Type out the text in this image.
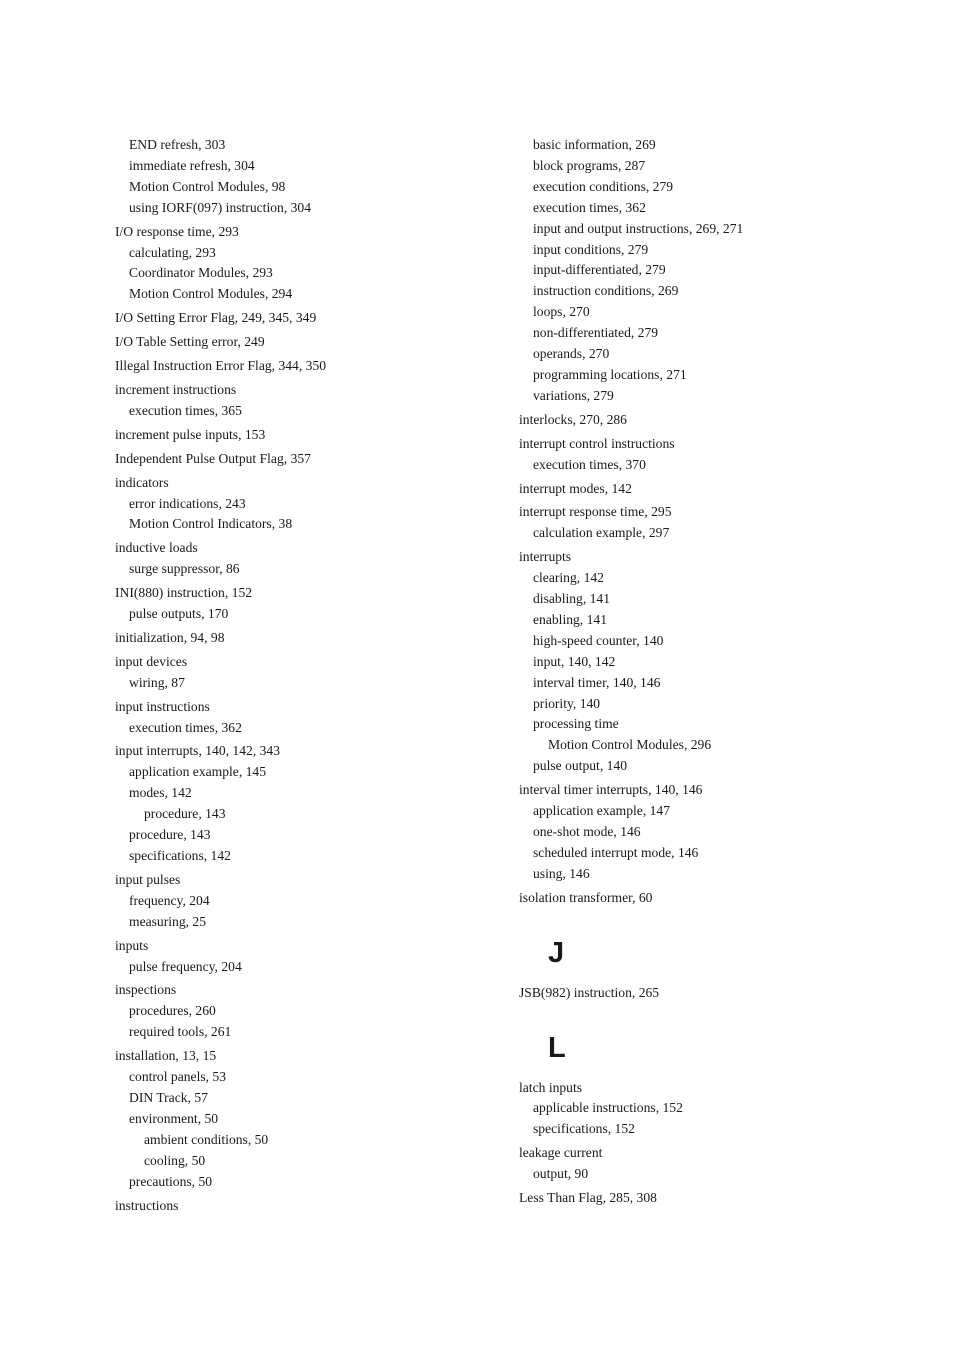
END refresh, 303
immediate refresh, 304
Motion Control Modules, 98
using IORF(097) instruction, 304
I/O response time, 293
calculating, 293
Coordinator Modules, 293
Motion Control Modules, 294
I/O Setting Error Flag, 249, 345, 349
I/O Table Setting error, 249
Illegal Instruction Error Flag, 344, 350
increment instructions
execution times, 365
increment pulse inputs, 153
Independent Pulse Output Flag, 357
indicators
error indications, 243
Motion Control Indicators, 38
inductive loads
surge suppressor, 86
INI(880) instruction, 152
pulse outputs, 170
initialization, 94, 98
input devices
wiring, 87
input instructions
execution times, 362
input interrupts, 140, 142, 343
application example, 145
modes, 142
procedure, 143
procedure, 143
specifications, 142
input pulses
frequency, 204
measuring, 25
inputs
pulse frequency, 204
inspections
procedures, 260
required tools, 261
installation, 13, 15
control panels, 53
DIN Track, 57
environment, 50
ambient conditions, 50
cooling, 50
precautions, 50
instructions
basic information, 269
block programs, 287
execution conditions, 279
execution times, 362
input and output instructions, 269, 271
input conditions, 279
input-differentiated, 279
instruction conditions, 269
loops, 270
non-differentiated, 279
operands, 270
programming locations, 271
variations, 279
interlocks, 270, 286
interrupt control instructions
execution times, 370
interrupt modes, 142
interrupt response time, 295
calculation example, 297
interrupts
clearing, 142
disabling, 141
enabling, 141
high-speed counter, 140
input, 140, 142
interval timer, 140, 146
priority, 140
processing time
Motion Control Modules, 296
pulse output, 140
interval timer interrupts, 140, 146
application example, 147
one-shot mode, 146
scheduled interrupt mode, 146
using, 146
isolation transformer, 60
J
JSB(982) instruction, 265
L
latch inputs
applicable instructions, 152
specifications, 152
leakage current
output, 90
Less Than Flag, 285, 308
